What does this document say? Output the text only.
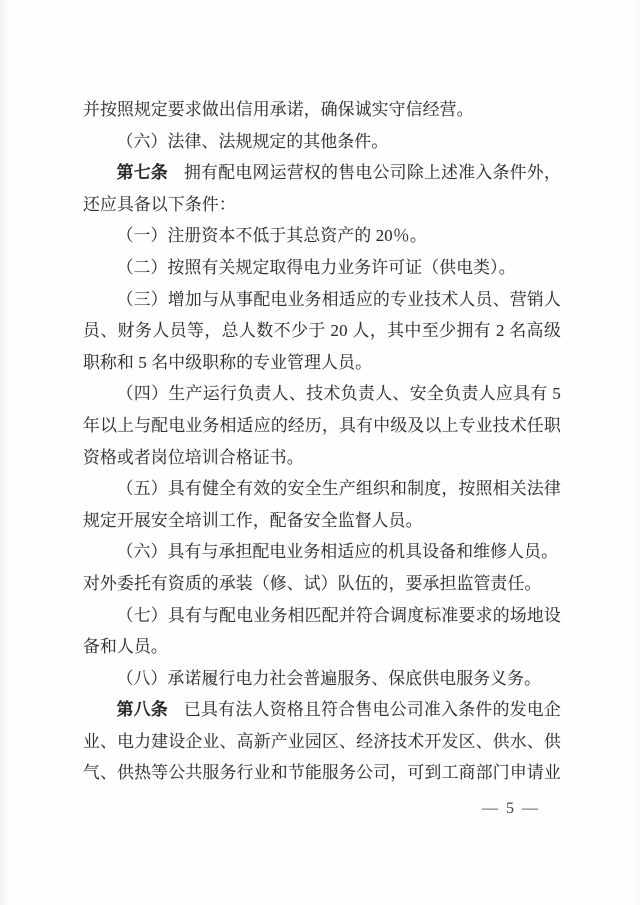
并按照规定要求做出信用承诺，确保诚实守信经营。
（六）法律、法规规定的其他条件。
第七条 拥有配电网运营权的售电公司除上述准入条件外，
还应具备以下条件：
（一）注册资本不低于其总资产的 20％。
（二）按照有关规定取得电力业务许可证（供电类）。
（三）增加与从事配电业务相适应的专业技术人员、营销人
员、财务人员等，总人数不少于 20 人，其中至少拥有 2 名高级
职称和 5 名中级职称的专业管理人员。
（四）生产运行负责人、技术负责人、安全负责人应具有 5
年以上与配电业务相适应的经历，具有中级及以上专业技术任职
资格或者岗位培训合格证书。
（五）具有健全有效的安全生产组织和制度，按照相关法律
规定开展安全培训工作，配备安全监督人员。
（六）具有与承担配电业务相适应的机具设备和维修人员。
对外委托有资质的承装（修、试）队伍的，要承担监管责任。
（七）具有与配电业务相匹配并符合调度标准要求的场地设
备和人员。
（八）承诺履行电力社会普遍服务、保底供电服务义务。
第八条 已具有法人资格且符合售电公司准入条件的发电企
业、电力建设企业、高新产业园区、经济技术开发区、供水、供
气、供热等公共服务行业和节能服务公司，可到工商部门申请业
— 5 —
